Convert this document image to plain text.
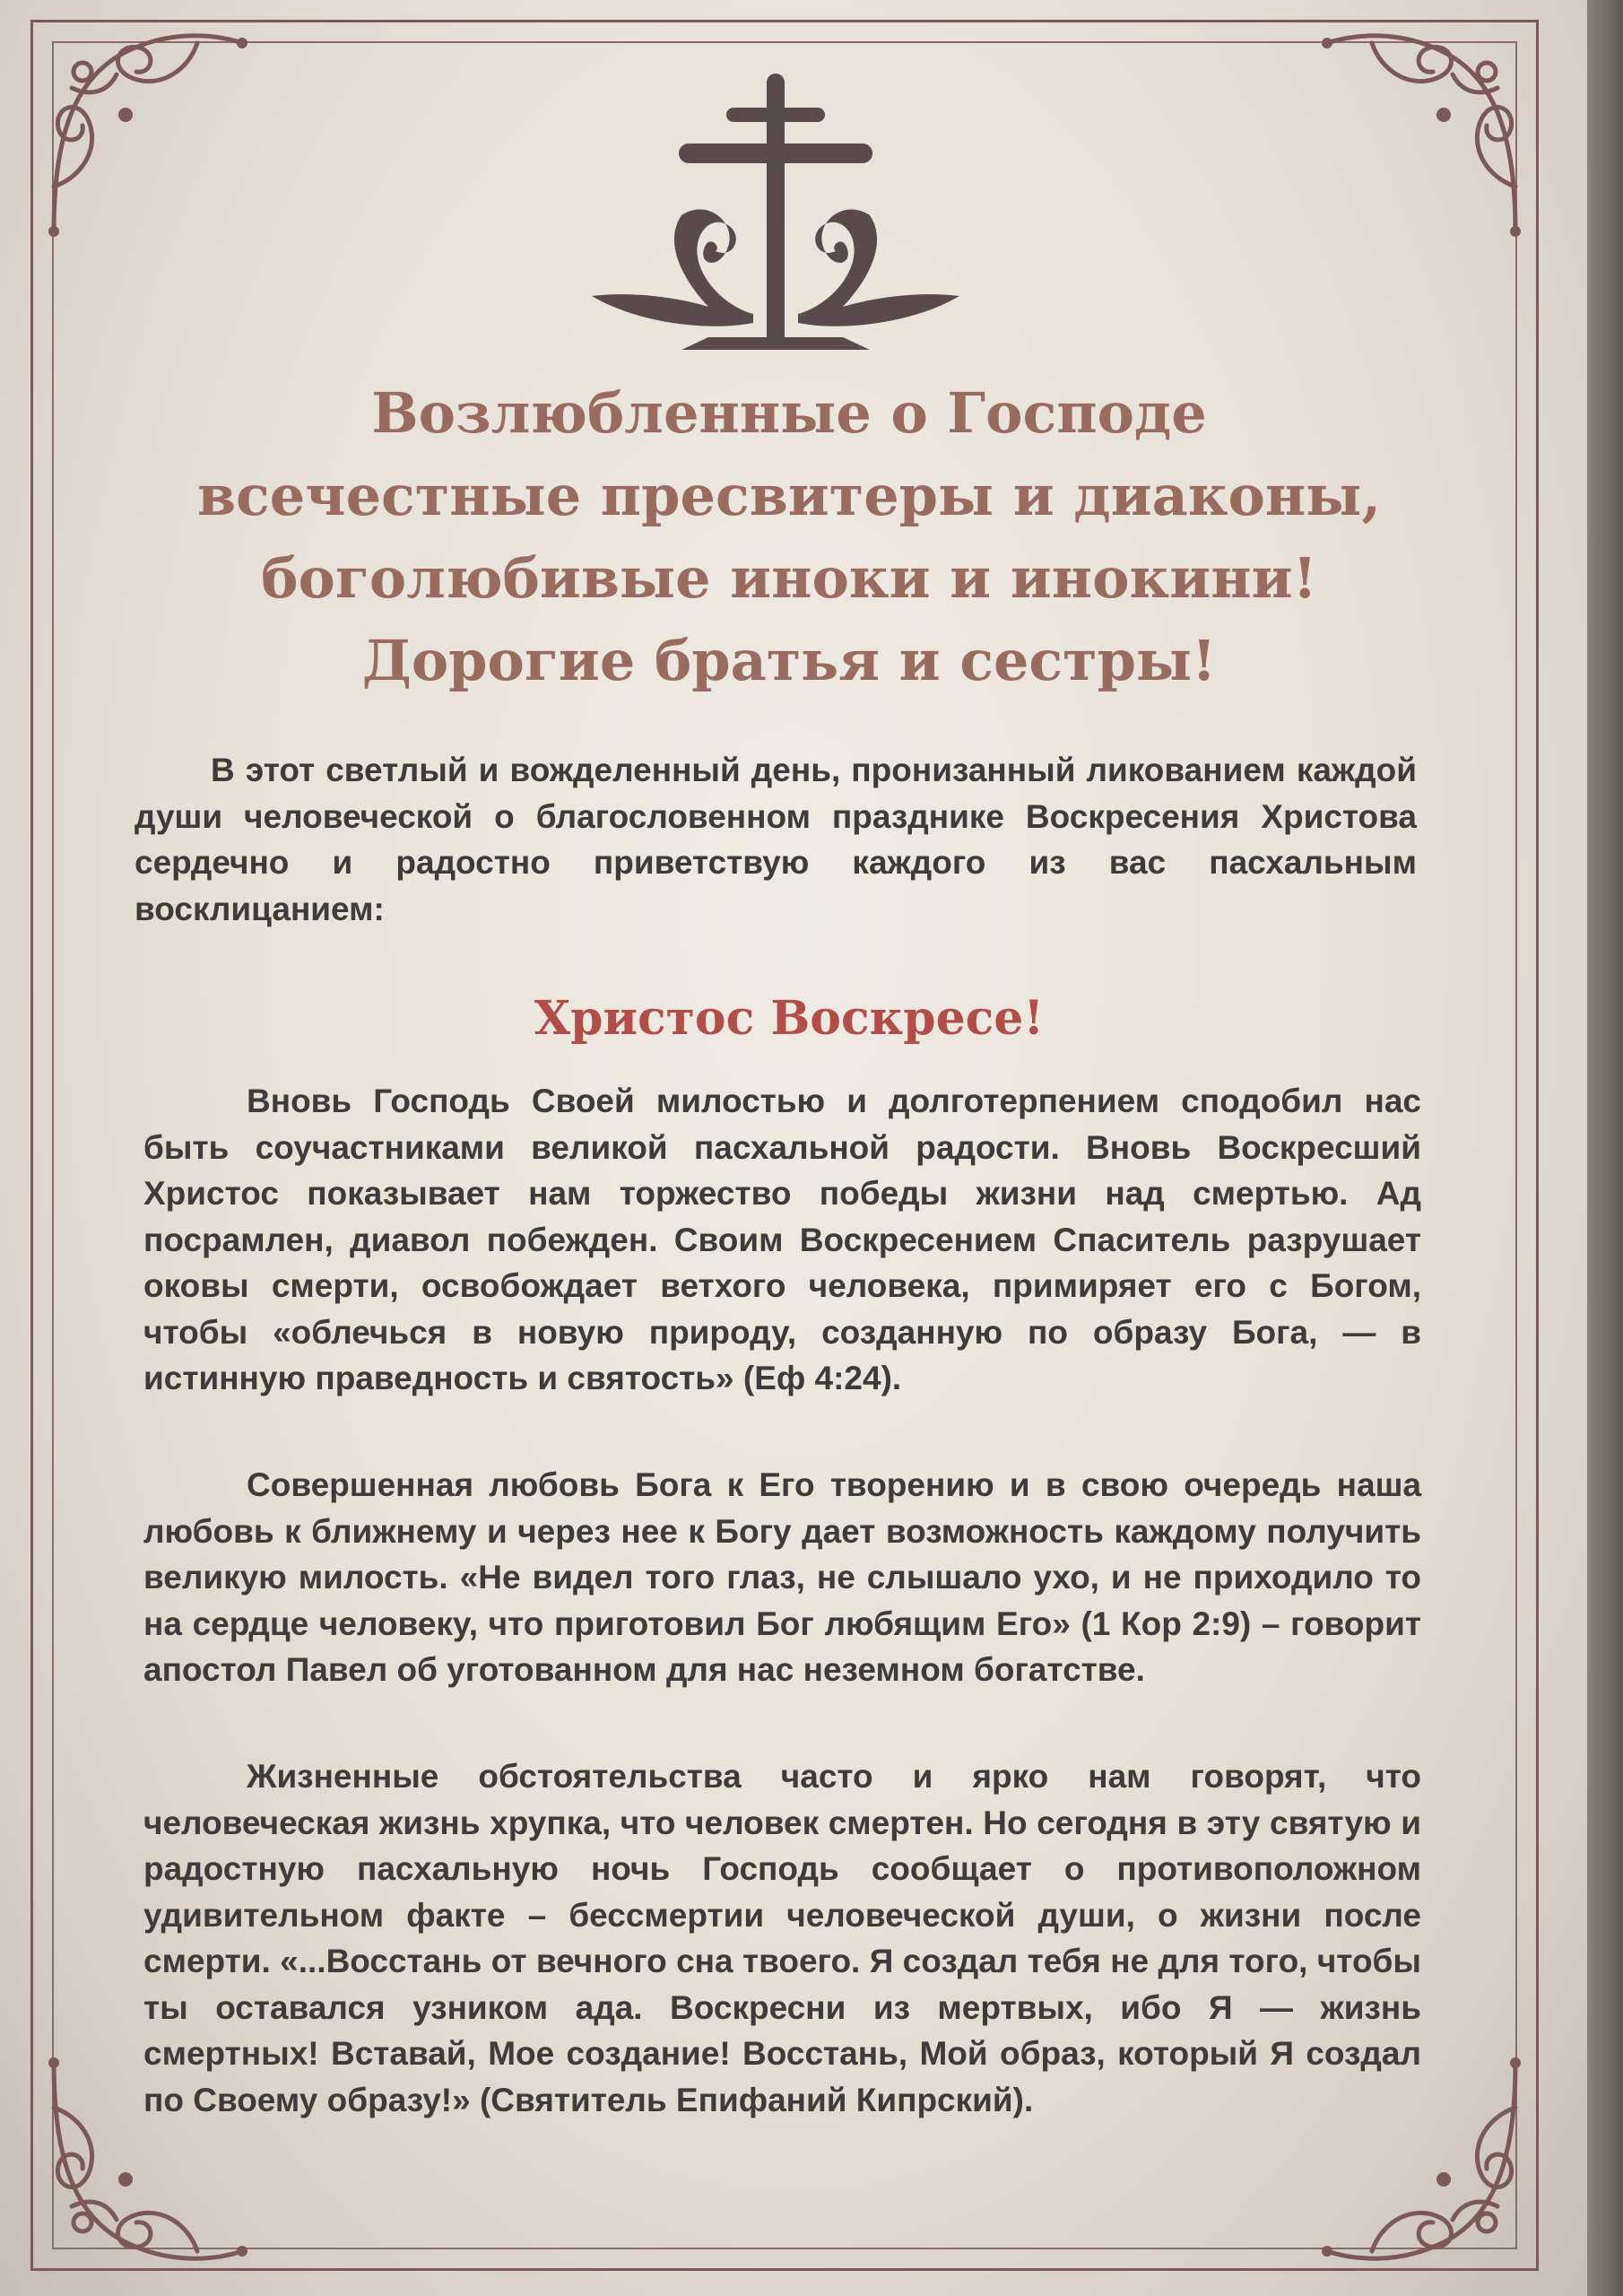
Возлюбленные о Господе
всечестные пресвитеры и диаконы,
боголюбивые иноки и инокини!
Дорогие братья и сестры!

В этот светлый и вожделенный день, пронизанный ликованием каждой души человеческой о благословенном празднике Воскресения Христова сердечно и радостно приветствую каждого из вас пасхальным восклицанием:

Христос Воскресе!

Вновь Господь Своей милостью и долготерпением сподобил нас быть соучастниками великой пасхальной радости. Вновь Воскресший Христос показывает нам торжество победы жизни над смертью. Ад посрамлен, диавол побежден. Своим Воскресением Спаситель разрушает оковы смерти, освобождает ветхого человека, примиряет его с Богом, чтобы «облечься в новую природу, созданную по образу Бога, — в истинную праведность и святость» (Еф 4:24).

Совершенная любовь Бога к Его творению и в свою очередь наша любовь к ближнему и через нее к Богу дает возможность каждому получить великую милость. «Не видел того глаз, не слышало ухо, и не приходило то на сердце человеку, что приготовил Бог любящим Его» (1 Кор 2:9) – говорит апостол Павел об уготованном для нас неземном богатстве.

Жизненные обстоятельства часто и ярко нам говорят, что человеческая жизнь хрупка, что человек смертен. Но сегодня в эту святую и радостную пасхальную ночь Господь сообщает о противоположном удивительном факте – бессмертии человеческой души, о жизни после смерти. «...Восстань от вечного сна твоего. Я создал тебя не для того, чтобы ты оставался узником ада. Воскресни из мертвых, ибо Я — жизнь смертных! Вставай, Мое создание! Восстань, Мой образ, который Я создал по Своему образу!» (Святитель Епифаний Кипрский).
